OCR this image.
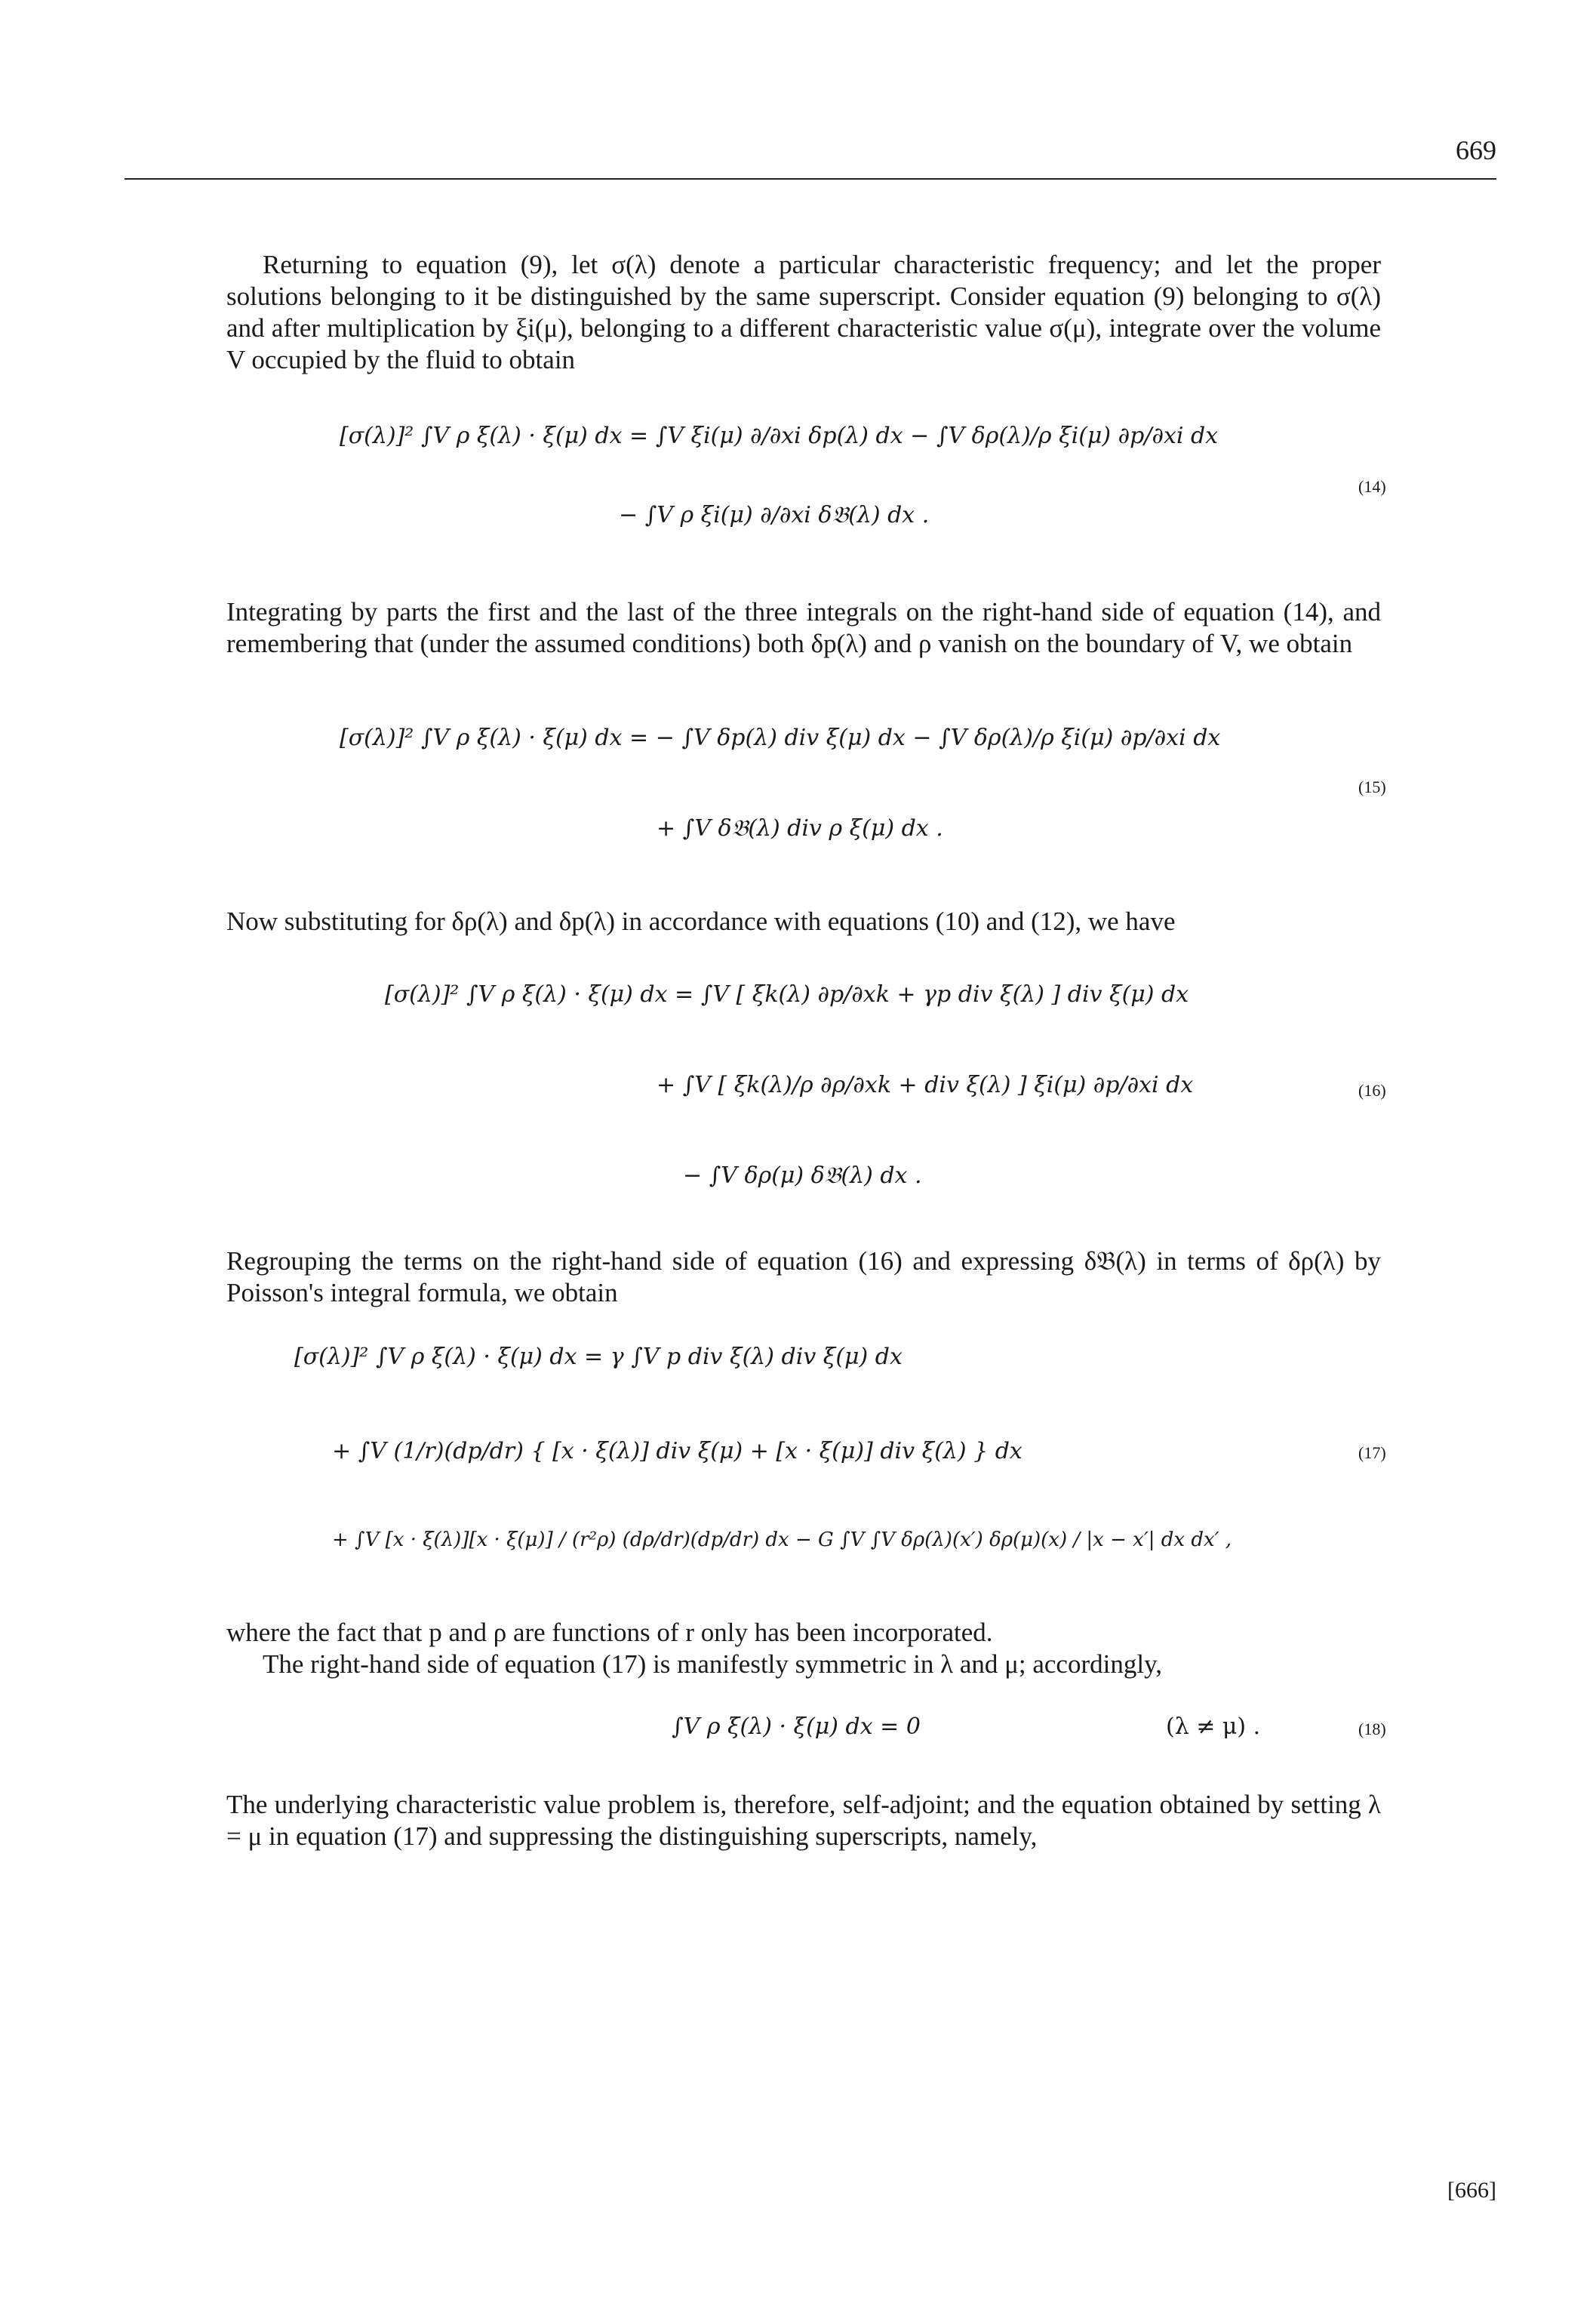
669

Returning to equation (9), let σ(λ) denote a particular characteristic frequency; and let the proper solutions belonging to it be distinguished by the same superscript. Consider equation (9) belonging to σ(λ) and after multiplication by ξi(μ), belonging to a different characteristic value σ(μ), integrate over the volume V occupied by the fluid to obtain

[σ(λ)]² ∫V ρ ξ(λ) · ξ(μ) dx = ∫V ξi(μ) ∂/∂xi δp(λ) dx − ∫V δρ(λ)/ρ ξi(μ) ∂p/∂xi dx
(14)
− ∫V ρ ξi(μ) ∂/∂xi δ𝔅(λ) dx .

Integrating by parts the first and the last of the three integrals on the right-hand side of equation (14), and remembering that (under the assumed conditions) both δp(λ) and ρ vanish on the boundary of V, we obtain

[σ(λ)]² ∫V ρ ξ(λ) · ξ(μ) dx = − ∫V δp(λ) div ξ(μ) dx − ∫V δρ(λ)/ρ ξi(μ) ∂p/∂xi dx
(15)
+ ∫V δ𝔅(λ) div ρ ξ(μ) dx .

Now substituting for δρ(λ) and δp(λ) in accordance with equations (10) and (12), we have

[σ(λ)]² ∫V ρ ξ(λ) · ξ(μ) dx = ∫V [ ξk(λ) ∂p/∂xk + γp div ξ(λ) ] div ξ(μ) dx
+ ∫V [ ξk(λ)/ρ ∂ρ/∂xk + div ξ(λ) ] ξi(μ) ∂p/∂xi dx	(16)
− ∫V δρ(μ) δ𝔅(λ) dx .

Regrouping the terms on the right-hand side of equation (16) and expressing δ𝔅(λ) in terms of δρ(λ) by Poisson's integral formula, we obtain

[σ(λ)]² ∫V ρ ξ(λ) · ξ(μ) dx = γ ∫V p div ξ(λ) div ξ(μ) dx
+ ∫V (1/r)(dp/dr) { [x · ξ(λ)] div ξ(μ) + [x · ξ(μ)] div ξ(λ) } dx	(17)
+ ∫V [x · ξ(λ)][x · ξ(μ)] / (r²ρ) (dρ/dr)(dp/dr) dx − G ∫V ∫V δρ(λ)(x′) δρ(μ)(x) / |x − x′| dx dx′ ,

where the fact that p and ρ are functions of r only has been incorporated.

The right-hand side of equation (17) is manifestly symmetric in λ and μ; accordingly,

∫V ρ ξ(λ) · ξ(μ) dx = 0	(λ ≠ μ) .	(18)

The underlying characteristic value problem is, therefore, self-adjoint; and the equation obtained by setting λ = μ in equation (17) and suppressing the distinguishing superscripts, namely,

[666]
